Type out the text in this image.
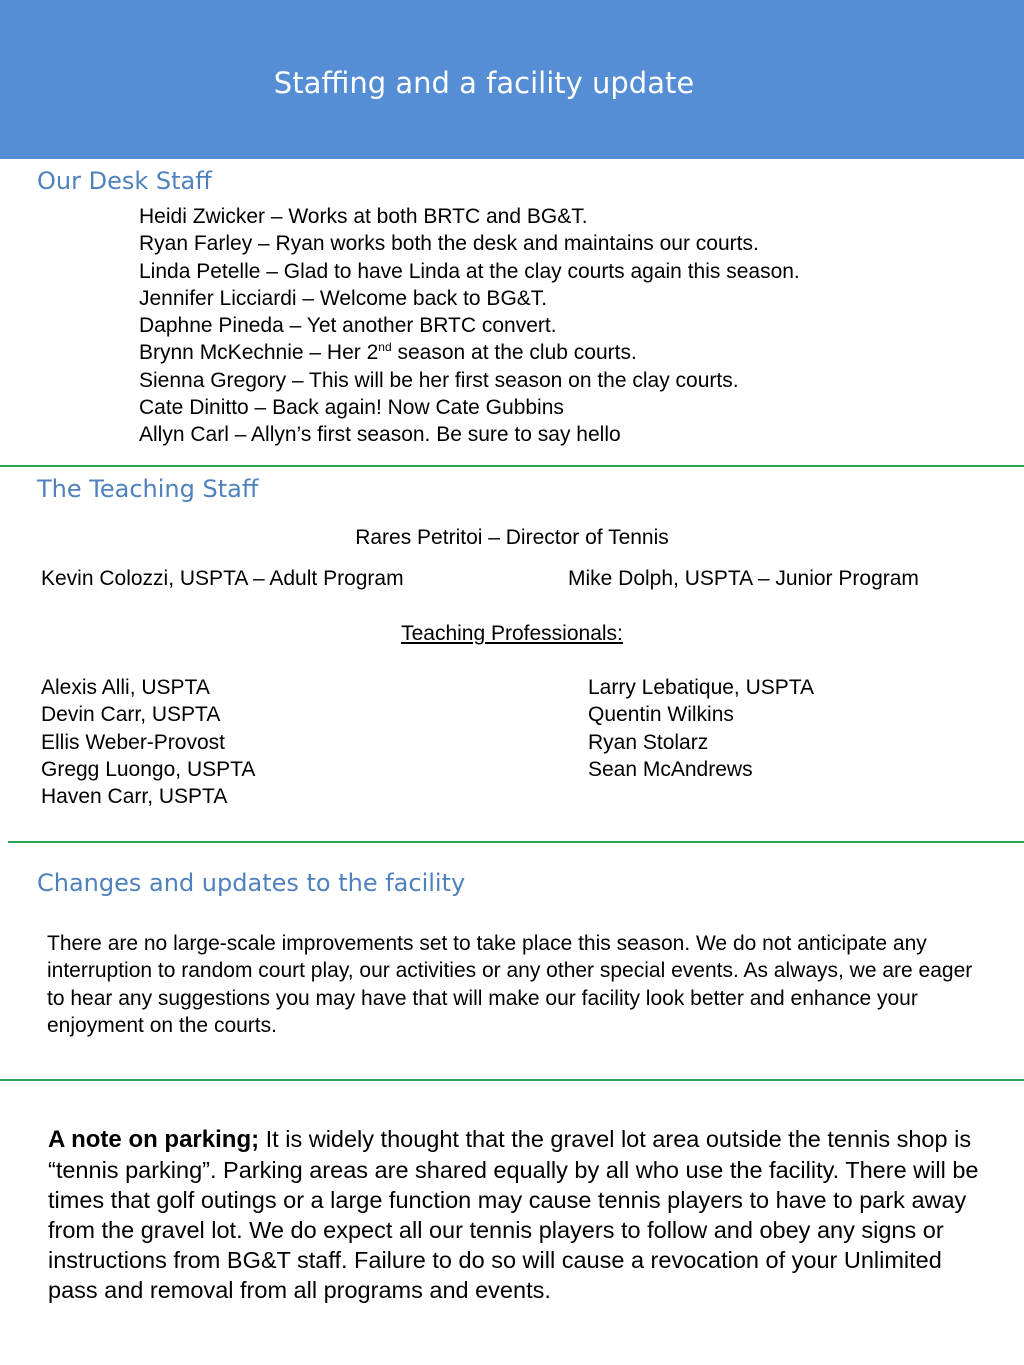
Staffing and a facility update
Our Desk Staff
Heidi Zwicker – Works at both BRTC and BG&T.
Ryan Farley – Ryan works both the desk and maintains our courts.
Linda Petelle – Glad to have Linda at the clay courts again this season.
Jennifer Licciardi – Welcome back to BG&T.
Daphne Pineda – Yet another BRTC convert.
Brynn McKechnie – Her 2nd season at the club courts.
Sienna Gregory – This will be her first season on the clay courts.
Cate Dinitto – Back again! Now Cate Gubbins
Allyn Carl – Allyn’s first season. Be sure to say hello
The Teaching Staff
Rares Petritoi – Director of Tennis
Kevin Colozzi, USPTA – Adult Program	Mike Dolph, USPTA – Junior Program
Teaching Professionals:
Alexis Alli, USPTA
Devin Carr, USPTA
Ellis Weber-Provost
Gregg Luongo, USPTA
Haven Carr, USPTA
Larry Lebatique, USPTA
Quentin Wilkins
Ryan Stolarz
Sean McAndrews
Changes and updates to the facility
There are no large-scale improvements set to take place this season. We do not anticipate any interruption to random court play, our activities or any other special events. As always, we are eager to hear any suggestions you may have that will make our facility look better and enhance your enjoyment on the courts.
A note on parking; It is widely thought that the gravel lot area outside the tennis shop is “tennis parking”. Parking areas are shared equally by all who use the facility. There will be times that golf outings or a large function may cause tennis players to have to park away from the gravel lot. We do expect all our tennis players to follow and obey any signs or instructions from BG&T staff. Failure to do so will cause a revocation of your Unlimited pass and removal from all programs and events.
